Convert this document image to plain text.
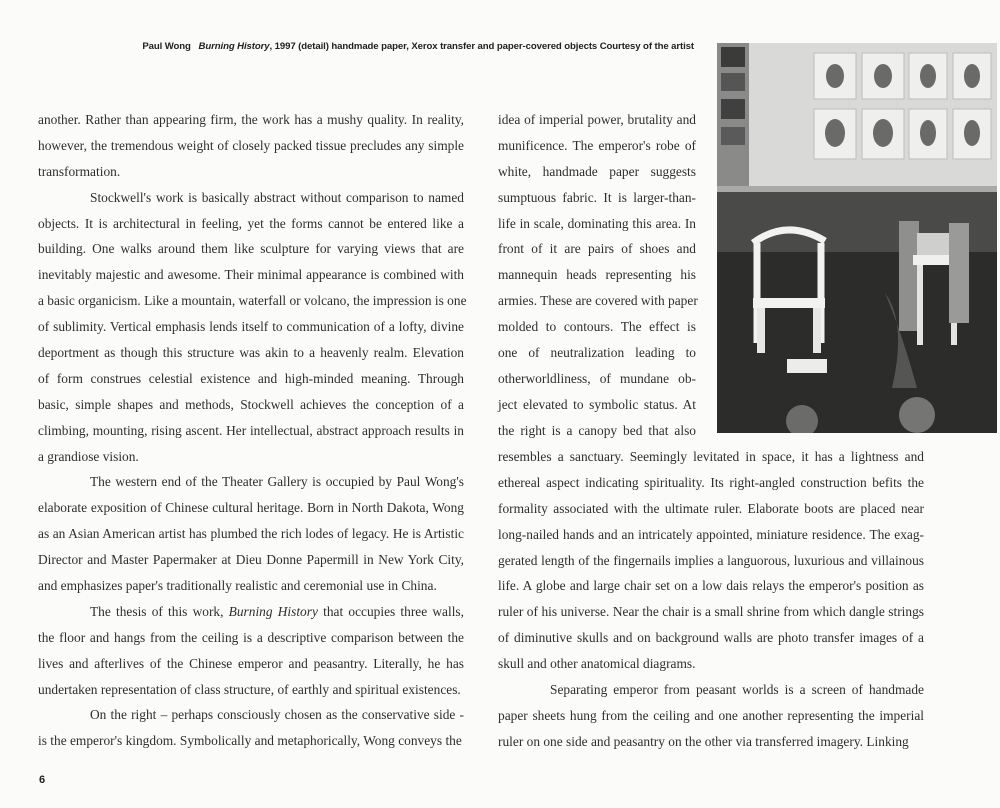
Paul Wong Burning History, 1997 (detail) handmade paper, Xerox transfer and paper-covered objects Courtesy of the artist
another. Rather than appearing firm, the work has a mushy quality. In reality,
however, the tremendous weight of closely packed tissue precludes any simple
transformation.
Stockwell's work is basically abstract without comparison to named
objects. It is architectural in feeling, yet the forms cannot be entered like a
building. One walks around them like sculpture for varying views that are
inevitably majestic and awesome. Their minimal appearance is combined with
a basic organicism. Like a mountain, waterfall or volcano, the impression is one
of sublimity. Vertical emphasis lends itself to communication of a lofty, divine
deportment as though this structure was akin to a heavenly realm. Elevation
of form construes celestial existence and high-minded meaning. Through
basic, simple shapes and methods, Stockwell achieves the conception of a
climbing, mounting, rising ascent. Her intellectual, abstract approach results in
a grandiose vision.
The western end of the Theater Gallery is occupied by Paul Wong's
elaborate exposition of Chinese cultural heritage. Born in North Dakota, Wong
as an Asian American artist has plumbed the rich lodes of legacy. He is Artistic
Director and Master Papermaker at Dieu Donne Papermill in New York City,
and emphasizes paper's traditionally realistic and ceremonial use in China.
The thesis of this work, Burning History that occupies three walls,
the floor and hangs from the ceiling is a descriptive comparison between the
lives and afterlives of the Chinese emperor and peasantry. Literally, he has
undertaken representation of class structure, of earthly and spiritual existences.
On the right – perhaps consciously chosen as the conservative side -
is the emperor's kingdom. Symbolically and metaphorically, Wong conveys the
idea of imperial power, brutality and
munificence. The emperor's robe of
white, handmade paper suggests
sumptuous fabric. It is larger-than-
life in scale, dominating this area. In
front of it are pairs of shoes and
mannequin heads representing his
armies. These are covered with paper
molded to contours. The effect is
one of neutralization leading to
otherworldliness, of mundane ob-
ject elevated to symbolic status. At
the right is a canopy bed that also
resembles a sanctuary. Seemingly levitated in space, it has a lightness and
ethereal aspect indicating spirituality. Its right-angled construction befits the
formality associated with the ultimate ruler. Elaborate boots are placed near
long-nailed hands and an intricately appointed, miniature residence. The exag-
gerated length of the fingernails implies a languorous, luxurious and villainous
life. A globe and large chair set on a low dais relays the emperor's position as
ruler of his universe. Near the chair is a small shrine from which dangle strings
of diminutive skulls and on background walls are photo transfer images of a
skull and other anatomical diagrams.
Separating emperor from peasant worlds is a screen of handmade
paper sheets hung from the ceiling and one another representing the imperial
ruler on one side and peasantry on the other via transferred imagery. Linking
6
